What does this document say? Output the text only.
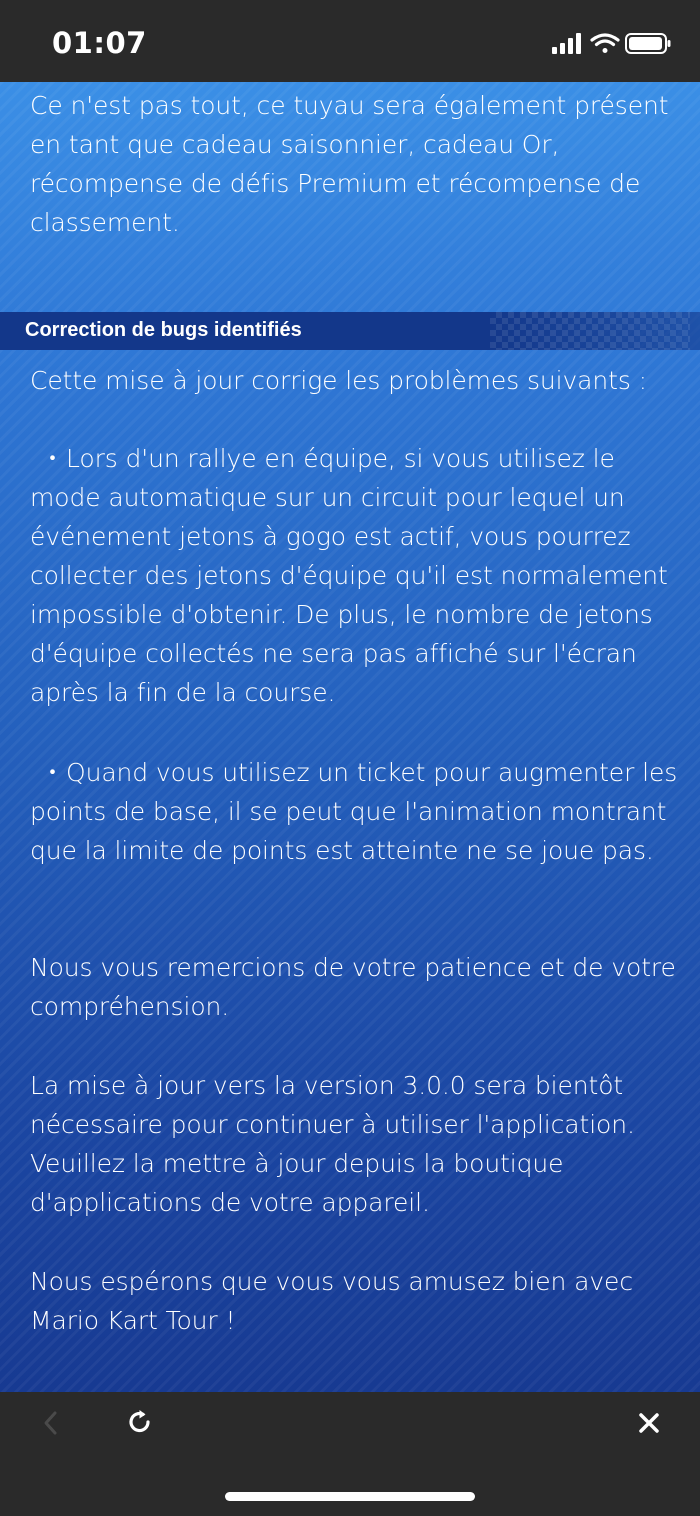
01:07

Ce n'est pas tout, ce tuyau sera également présent en tant que cadeau saisonnier, cadeau Or, récompense de défis Premium et récompense de classement.

Correction de bugs identifiés

Cette mise à jour corrige les problèmes suivants :

・Lors d'un rallye en équipe, si vous utilisez le mode automatique sur un circuit pour lequel un événement jetons à gogo est actif, vous pourrez collecter des jetons d'équipe qu'il est normalement impossible d'obtenir. De plus, le nombre de jetons d'équipe collectés ne sera pas affiché sur l'écran après la fin de la course.

・Quand vous utilisez un ticket pour augmenter les points de base, il se peut que l'animation montrant que la limite de points est atteinte ne se joue pas.

Nous vous remercions de votre patience et de votre compréhension.

La mise à jour vers la version 3.0.0 sera bientôt nécessaire pour continuer à utiliser l'application. Veuillez la mettre à jour depuis la boutique d'applications de votre appareil.

Nous espérons que vous vous amusez bien avec Mario Kart Tour !
